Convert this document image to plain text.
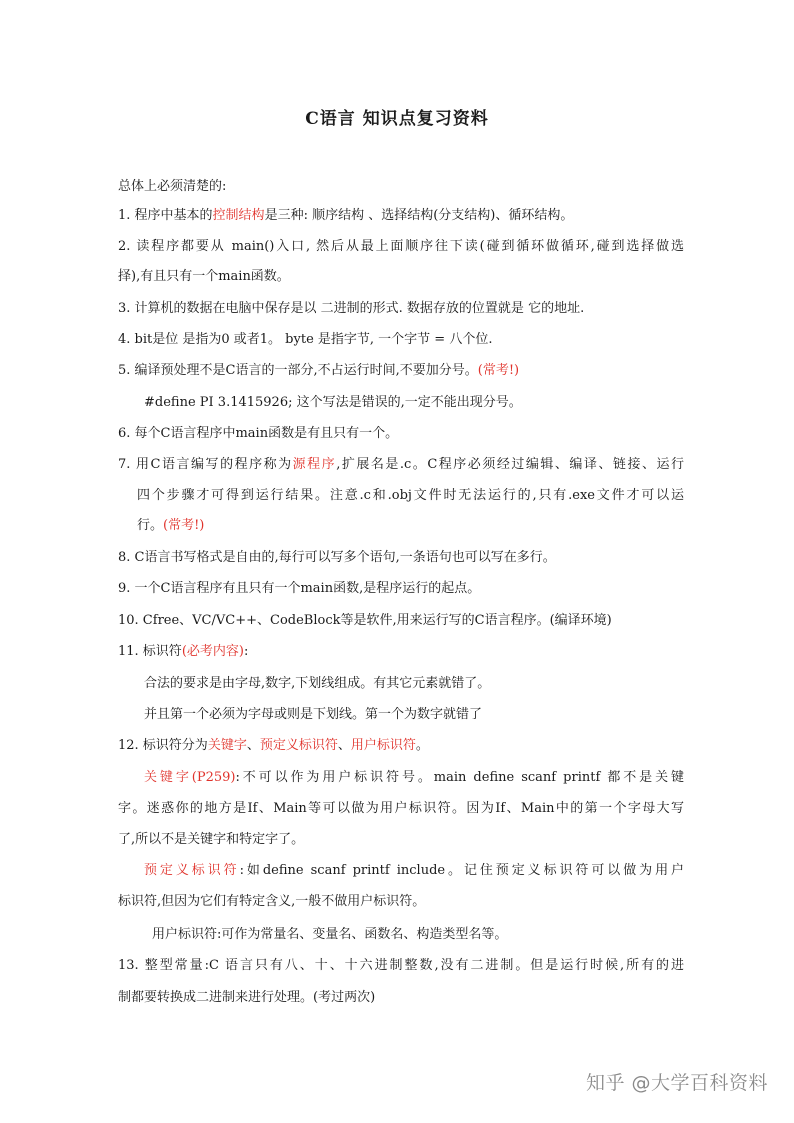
C语言 知识点复习资料
总体上必须清楚的:
1. 程序中基本的控制结构是三种: 顺序结构 、选择结构(分支结构)、循环结构。
2. 读程序都要从 main()入口, 然后从最上面顺序往下读(碰到循环做循环,碰到选择做选
择),有且只有一个main函数。
3. 计算机的数据在电脑中保存是以 二进制的形式. 数据存放的位置就是 它的地址.
4. bit是位 是指为0 或者1。 byte 是指字节, 一个字节 = 八个位.
5. 编译预处理不是C语言的一部分,不占运行时间,不要加分号。(常考!)
#define PI 3.1415926; 这个写法是错误的,一定不能出现分号。
6. 每个C语言程序中main函数是有且只有一个。
7. 用C语言编写的程序称为源程序,扩展名是.c。C程序必须经过编辑、编译、链接、运行
四个步骤才可得到运行结果。注意.c和.obj文件时无法运行的,只有.exe文件才可以运
行。(常考!)
8. C语言书写格式是自由的,每行可以写多个语句,一条语句也可以写在多行。
9. 一个C语言程序有且只有一个main函数,是程序运行的起点。
10. Cfree、VC/VC++、CodeBlock等是软件,用来运行写的C语言程序。(编译环境)
11. 标识符(必考内容):
合法的要求是由字母,数字,下划线组成。有其它元素就错了。
并且第一个必须为字母或则是下划线。第一个为数字就错了
12. 标识符分为关键字、预定义标识符、用户标识符。
关键字(P259):不可以作为用户标识符号。main define scanf printf 都不是关键
字。迷惑你的地方是If、Main等可以做为用户标识符。因为If、Main中的第一个字母大写
了,所以不是关键字和特定字了。
预定义标识符:如define scanf printf include。记住预定义标识符可以做为用户
标识符,但因为它们有特定含义,一般不做用户标识符。
用户标识符:可作为常量名、变量名、函数名、构造类型名等。
13. 整型常量:C 语言只有八、十、十六进制整数,没有二进制。但是运行时候,所有的进
制都要转换成二进制来进行处理。(考过两次)
知乎 @大学百科资料
